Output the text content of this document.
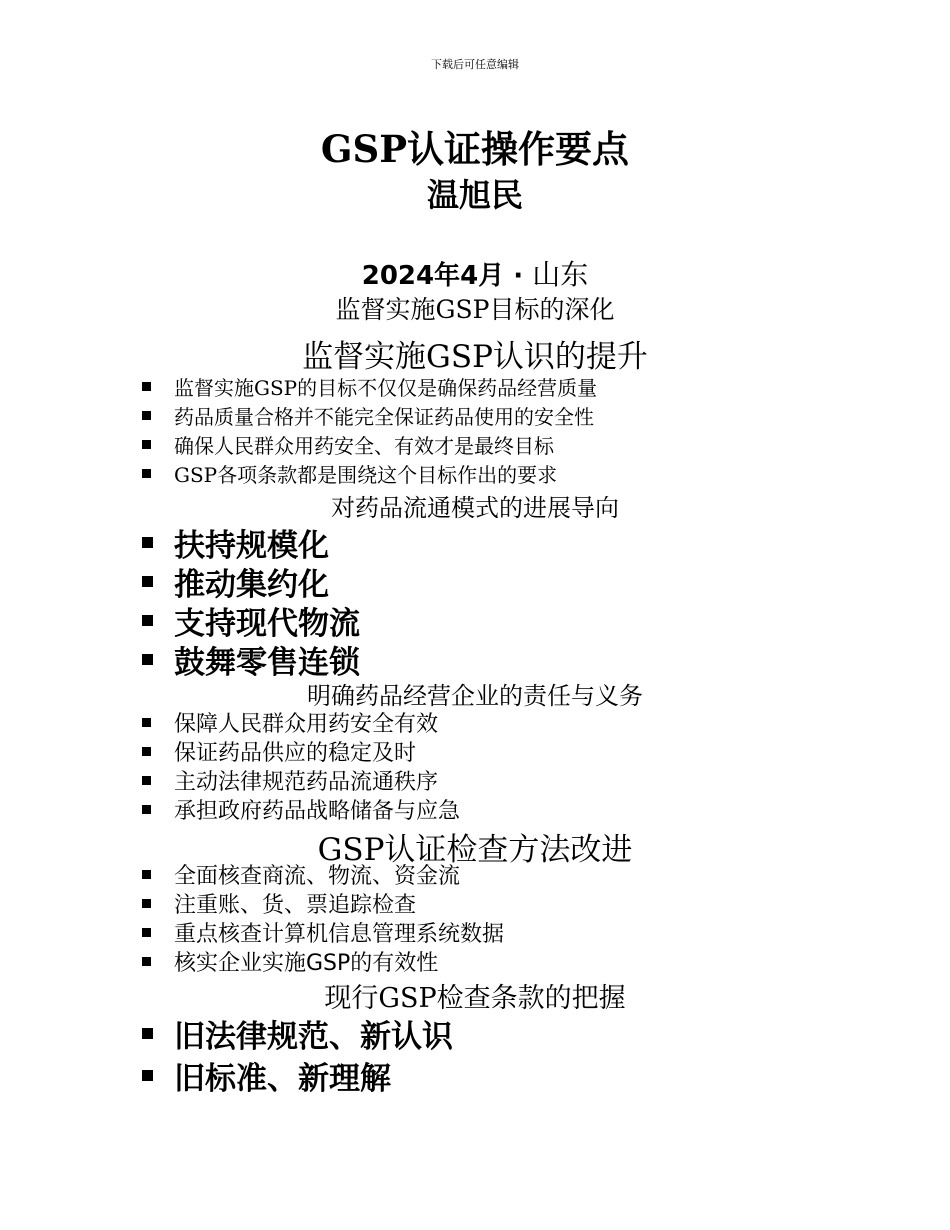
下载后可任意编辑
GSP认证操作要点
温旭民
2024年4月 · 山东
监督实施GSP目标的深化
监督实施GSP认识的提升
监督实施GSP的目标不仅仅是确保药品经营质量
药品质量合格并不能完全保证药品使用的安全性
确保人民群众用药安全、有效才是最终目标
GSP各项条款都是围绕这个目标作出的要求
对药品流通模式的进展导向
扶持规模化
推动集约化
支持现代物流
鼓舞零售连锁
明确药品经营企业的责任与义务
保障人民群众用药安全有效
保证药品供应的稳定及时
主动法律规范药品流通秩序
承担政府药品战略储备与应急
GSP认证检查方法改进
全面核查商流、物流、资金流
注重账、货、票追踪检查
重点核查计算机信息管理系统数据
核实企业实施GSP的有效性
现行GSP检查条款的把握
旧法律规范、新认识
旧标准、新理解
